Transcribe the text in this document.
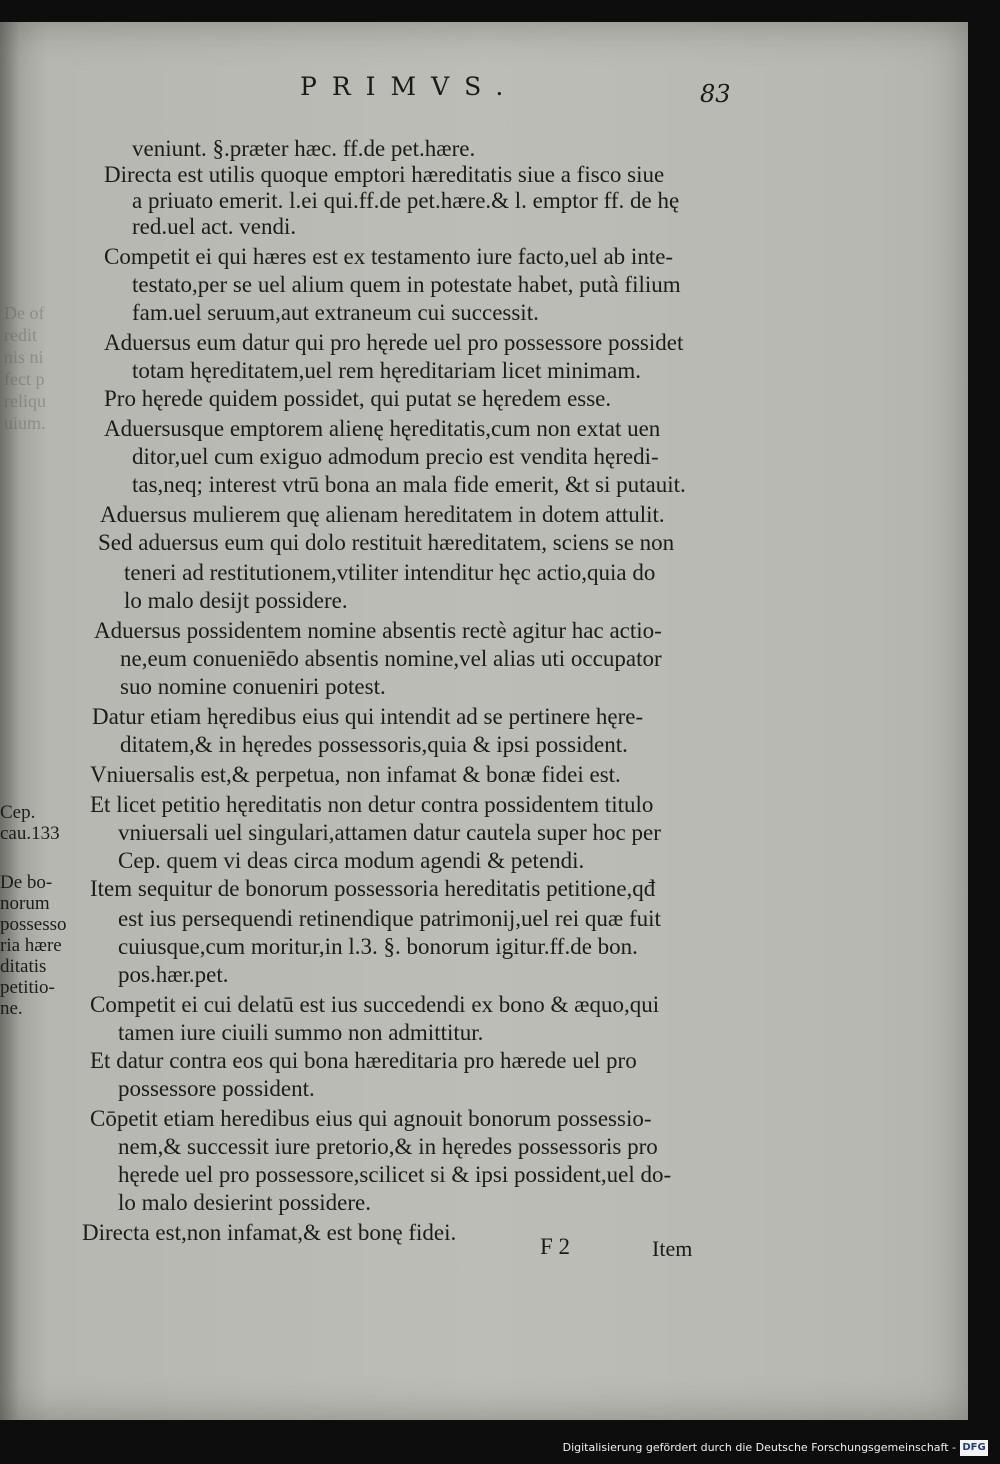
PRIMVS.	83
De of
redit
nis ni
fect p
reliqu
uium.
veniunt. §.præter hæc. ff.de pet.hære.
Directa est utilis quoque emptori hæreditatis siue a fisco siue
a priuato emerit. l.ei qui.ff.de pet.hære.& l. emptor ff. de hę
red.uel act. vendi.
Competit ei qui hæres est ex testamento iure facto,uel ab inte-
testato,per se uel alium quem in potestate habet, putà filium
fam.uel seruum,aut extraneum cui successit.
Aduersus eum datur qui pro hęrede uel pro possessore possidet
totam hęreditatem,uel rem hęreditariam licet minimam.
Pro hęrede quidem possidet, qui putat se hęredem esse.
Aduersusque emptorem alienę hęreditatis,cum non extat uen
ditor,uel cum exiguo admodum precio est vendita hęredi-
tas,neq; interest vtrū bona an mala fide emerit, &t si putauit.
Aduersus mulierem quę alienam hereditatem in dotem attulit.
Sed aduersus eum qui dolo restituit hæreditatem, sciens se non
teneri ad restitutionem,vtiliter intenditur hęc actio,quia do
lo malo desijt possidere.
Aduersus possidentem nomine absentis rectè agitur hac actio-
ne,eum conueniēdo absentis nomine,vel alias uti occupator
suo nomine conueniri potest.
Datur etiam hęredibus eius qui intendit ad se pertinere hęre-
ditatem,& in hęredes possessoris,quia & ipsi possident.
Vniuersalis est,& perpetua, non infamat & bonæ fidei est.
Et licet petitio hęreditatis non detur contra possidentem titulo
vniuersali uel singulari,attamen datur cautela super hoc per
Cep. quem vi deas circa modum agendi & petendi.
Item sequitur de bonorum possessoria hereditatis petitione,qđ
est ius persequendi retinendique patrimonij,uel rei quæ fuit
cuiusque,cum moritur,in l.3. §. bonorum igitur.ff.de bon.
pos.hær.pet.
Competit ei cui delatū est ius succedendi ex bono & æquo,qui
tamen iure ciuili summo non admittitur.
Et datur contra eos qui bona hæreditaria pro hærede uel pro
possessore possident.
Cōpetit etiam heredibus eius qui agnouit bonorum possessio-
nem,& successit iure pretorio,& in hęredes possessoris pro
hęrede uel pro possessore,scilicet si & ipsi possident,uel do-
lo malo desierint possidere.
Directa est,non infamat,& est bonę fidei.
Cep.
cau.133
De bo-
norum
possesso
ria hære
ditatis
petitio-
ne.
F 2	Item
Digitalisierung gefördert durch die Deutsche Forschungsgemeinschaft - DFG
